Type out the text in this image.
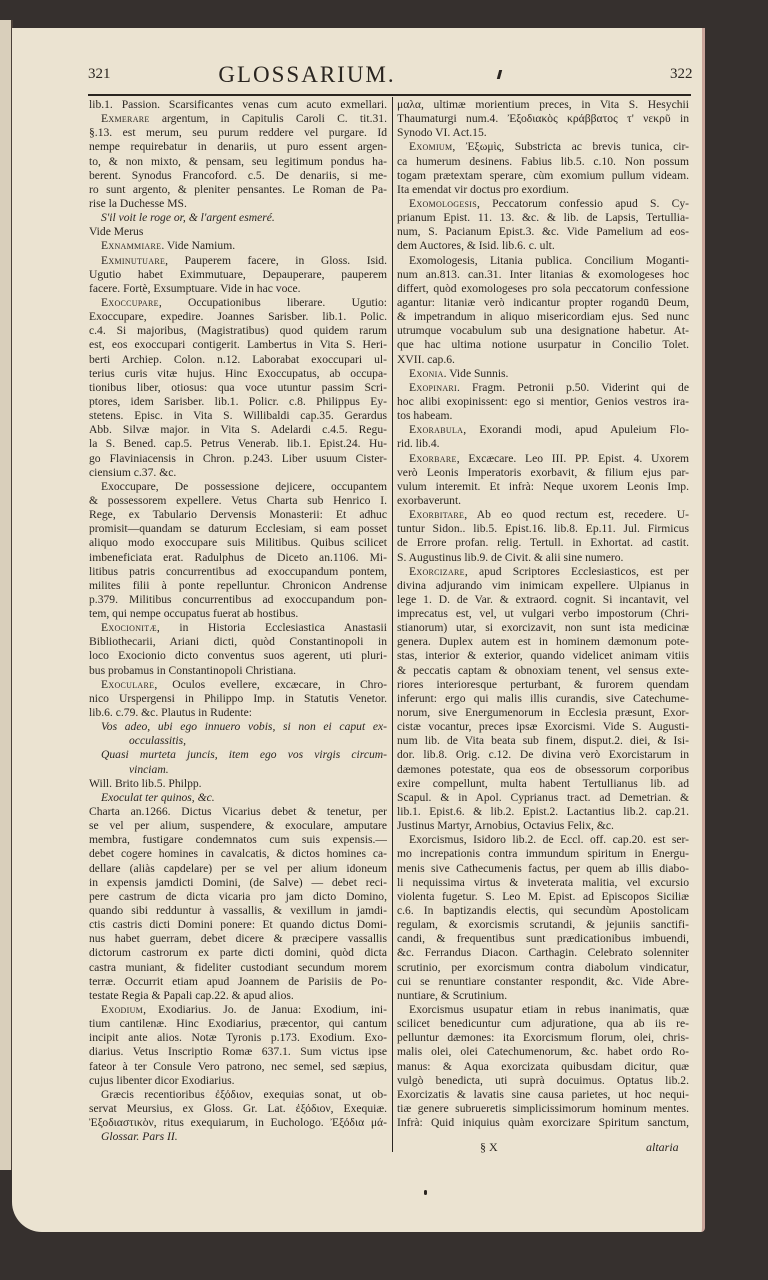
321	GLOSSARIUM.	322
lib.1. Passion. Scarsificantes venas cum acuto exmellari.
Exmerare argentum, in Capitulis Caroli C. tit.31.
§.13. est merum, seu purum reddere vel purgare. Id
nempe requirebatur in denariis, ut puro essent argen-
to, & non mixto, & pensam, seu legitimum pondus ha-
berent. Synodus Francoford. c.5. De denariis, si me-
ro sunt argento, & pleniter pensantes. Le Roman de Pa-
rise la Duchesse MS.
S'il voit le roge or, & l'argent esmeré.
Vide Merus
Exnammiare. Vide Namium.
Exminutuare, Pauperem facere, in Gloss. Isid.
Ugutio habet Eximmutuare, Depauperare, pauperem
facere. Fortè, Exsumptuare. Vide in hac voce.
Exoccupare, Occupationibus liberare. Ugutio:
Exoccupare, expedire. Joannes Sarisber. lib.1. Polic.
c.4. Si majoribus, (Magistratibus) quod quidem rarum
est, eos exoccupari contigerit. Lambertus in Vita S. Heri-
berti Archiep. Colon. n.12. Laborabat exoccupari ul-
terius curis vitæ hujus. Hinc Exoccupatus, ab occupa-
tionibus liber, otiosus: qua voce utuntur passim Scri-
ptores, idem Sarisber. lib.1. Policr. c.8. Philippus Ey-
stetens. Episc. in Vita S. Willibaldi cap.35. Gerardus
Abb. Silvæ major. in Vita S. Adelardi c.4.5. Regu-
la S. Bened. cap.5. Petrus Venerab. lib.1. Epist.24. Hu-
go Flaviniacensis in Chron. p.243. Liber usuum Cister-
ciensium c.37. &c.
Exoccupare, De possessione dejicere, occupantem
& possessorem expellere. Vetus Charta sub Henrico I.
Rege, ex Tabulario Dervensis Monasterii: Et adhuc
promisit—quandam se daturum Ecclesiam, si eam posset
aliquo modo exoccupare suis Militibus. Quibus scilicet
imbeneficiata erat. Radulphus de Diceto an.1106. Mi-
litibus patris concurrentibus ad exoccupandum pontem,
milites filii à ponte repelluntur. Chronicon Andrense
p.379. Militibus concurrentibus ad exoccupandum pon-
tem, qui nempe occupatus fuerat ab hostibus.
Exocionitæ, in Historia Ecclesiastica Anastasii
Bibliothecarii, Ariani dicti, quòd Constantinopoli in
loco Exocionio dicto conventus suos agerent, uti pluri-
bus probamus in Constantinopoli Christiana.
Exoculare, Oculos evellere, excæcare, in Chro-
nico Urspergensi in Philippo Imp. in Statutis Venetor.
lib.6. c.79. &c. Plautus in Rudente:
Vos adeo, ubi ego innuero vobis, si non ei caput ex-
occulassitis,
Quasi murteta juncis, item ego vos virgis circum-
vinciam.
Will. Brito lib.5. Philpp.
Exoculat ter quinos, &c.
Charta an.1266. Dictus Vicarius debet & tenetur, per
se vel per alium, suspendere, & exoculare, amputare
membra, fustigare condemnatos cum suis expensis.—
debet cogere homines in cavalcatis, & dictos homines ca-
dellare (aliàs capdelare) per se vel per alium idoneum
in expensis jamdicti Domini, (de Salve) — debet reci-
pere castrum de dicta vicaria pro jam dicto Domino,
quando sibi redduntur à vassallis, & vexillum in jamdi-
ctis castris dicti Domini ponere: Et quando dictus Domi-
nus habet guerram, debet dicere & præcipere vassallis
dictorum castrorum ex parte dicti domini, quòd dicta
castra muniant, & fideliter custodiant secundum morem
terræ. Occurrit etiam apud Joannem de Parisiis de Po-
testate Regia & Papali cap.22. & apud alios.
Exodium, Exodiarius. Jo. de Janua: Exodium, ini-
tium cantilenæ. Hinc Exodiarius, præcentor, qui cantum
incipit ante alios. Notæ Tyronis p.173. Exodium. Exo-
diarius. Vetus Inscriptio Romæ 637.1. Sum victus ipse
fateor à ter Consule Vero patrono, nec semel, sed sæpius,
cujus libenter dicor Exodiarius.
Græcis recentioribus ἐξόδιον, exequias sonat, ut ob-
servat Meursius, ex Gloss. Gr. Lat. ἐξόδιον, Exequiæ.
Ἐξοδιαστικὸν, ritus exequiarum, in Euchologo. Ἐξόδια μά-
Glossar. Pars II.
μαλα, ultimæ morientium preces, in Vita S. Hesychii
Thaumaturgi num.4. Ἐξοδιακὸς κράββατος τ' νεκρῦ in
Synodo VI. Act.15.
Exomium, Ἐξωμὶς, Substricta ac brevis tunica, cir-
ca humerum desinens. Fabius lib.5. c.10. Non possum
togam prætextam sperare, cùm exomium pullum videam.
Ita emendat vir doctus pro exordium.
Exomologesis, Peccatorum confessio apud S. Cy-
prianum Epist. 11. 13. &c. & lib. de Lapsis, Tertullia-
num, S. Pacianum Epist.3. &c. Vide Pamelium ad eos-
dem Auctores, & Isid. lib.6. c. ult.
Exomologesis, Litania publica. Concilium Moganti-
num an.813. can.31. Inter litanias & exomologeses hoc
differt, quòd exomologeses pro sola peccatorum confessione
agantur: litaniæ verò indicantur propter rogandū Deum,
& impetrandum in aliquo misericordiam ejus. Sed nunc
utrumque vocabulum sub una designatione habetur. At-
que hac ultima notione usurpatur in Concilio Tolet.
XVII. cap.6.
Exonia. Vide Sunnis.
Exopinari. Fragm. Petronii p.50. Viderint qui de
hoc alibi exopinissent: ego si mentior, Genios vestros ira-
tos habeam.
Exorabula, Exorandi modi, apud Apuleium Flo-
rid. lib.4.
Exorbare, Excæcare. Leo III. PP. Epist. 4. Uxorem
verò Leonis Imperatoris exorbavit, & filium ejus par-
vulum interemit. Et infrà: Neque uxorem Leonis Imp.
exorbaverunt.
Exorbitare, Ab eo quod rectum est, recedere. U-
tuntur Sidon.. lib.5. Epist.16. lib.8. Ep.11. Jul. Firmicus
de Errore profan. relig. Tertull. in Exhortat. ad castit.
S. Augustinus lib.9. de Civit. & alii sine numero.
Exorcizare, apud Scriptores Ecclesiasticos, est per
divina adjurando vim inimicam expellere. Ulpianus in
lege 1. D. de Var. & extraord. cognit. Si incantavit, vel
imprecatus est, vel, ut vulgari verbo impostorum (Chri-
stianorum) utar, si exorcizavit, non sunt ista medicinæ
genera. Duplex autem est in hominem dæmonum pote-
stas, interior & exterior, quando videlicet animam vitiis
& peccatis captam & obnoxiam tenent, vel sensus exte-
riores interioresque perturbant, & furorem quendam
inferunt: ergo qui malis illis curandis, sive Catechume-
norum, sive Energumenorum in Ecclesia præsunt, Exor-
cistæ vocantur, preces ipsæ Exorcismi. Vide S. Augusti-
num lib. de Vita beata sub finem, disput.2. diei, & Isi-
dor. lib.8. Orig. c.12. De divina verò Exorcistarum in
dæmones potestate, qua eos de obsessorum corporibus
exire compellunt, multa habent Tertullianus lib. ad
Scapul. & in Apol. Cyprianus tract. ad Demetrian. &
lib.1. Epist.6. & lib.2. Epist.2. Lactantius lib.2. cap.21.
Justinus Martyr, Arnobius, Octavius Felix, &c.
Exorcismus, Isidoro lib.2. de Eccl. off. cap.20. est ser-
mo increpationis contra immundum spiritum in Energu-
menis sive Cathecumenis factus, per quem ab illis diabo-
li nequissima virtus & inveterata malitia, vel excursio
violenta fugetur. S. Leo M. Epist. ad Episcopos Siciliæ
c.6. In baptizandis electis, qui secundùm Apostolicam
regulam, & exorcismis scrutandi, & jejuniis sanctifi-
candi, & frequentibus sunt prædicationibus imbuendi,
&c. Ferrandus Diacon. Carthagin. Celebrato solenniter
scrutinio, per exorcismum contra diabolum vindicatur,
cui se renuntiare constanter respondit, &c. Vide Abre-
nuntiare, & Scrutinium.
Exorcismus usupatur etiam in rebus inanimatis, quæ
scilicet benedicuntur cum adjuratione, qua ab iis re-
pelluntur dæmones: ita Exorcismum florum, olei, chris-
malis olei, olei Catechumenorum, &c. habet ordo Ro-
manus: & Aqua exorcizata quibusdam dicitur, quæ
vulgò benedicta, uti suprà docuimus. Optatus lib.2.
Exorcizatis & lavatis sine causa parietes, ut hoc nequi-
tiæ genere subrueretis simplicissimorum hominum mentes.
Infrà: Quid iniquius quàm exorcizare Spiritum sanctum,
§ X	altaria
